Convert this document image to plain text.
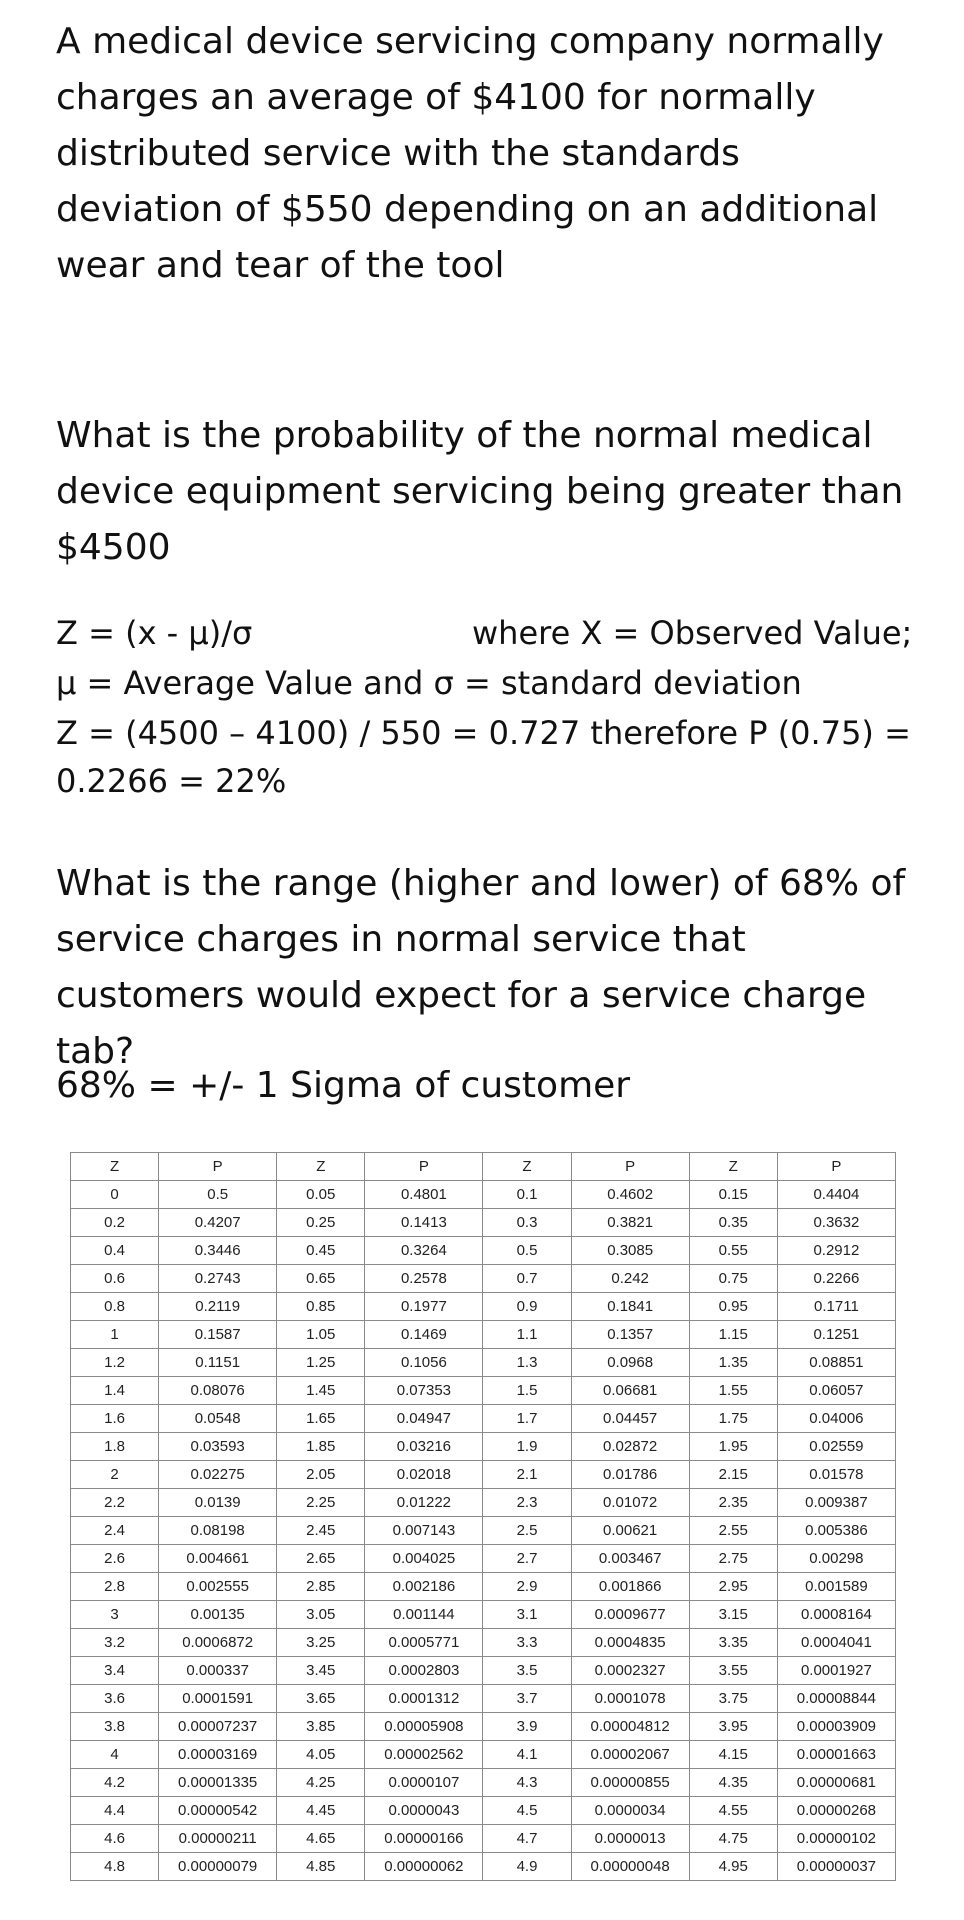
A medical device servicing company normally charges an average of $4100 for normally distributed service with the standards deviation of $550 depending on an additional wear and tear of the tool

What is the probability of the normal medical device equipment servicing being greater than $4500

Z = (x - μ)/σ	where X = Observed Value;

μ = Average Value and σ = standard deviation

Z = (4500 – 4100) / 550 = 0.727 therefore P (0.75) =

0.2266 = 22%

What is the range (higher and lower) of 68% of service charges in normal service that customers would expect for a service charge tab?

68% = +/- 1 Sigma of customer

Z	P	Z	P	Z	P	Z	P
0	0.5	0.05	0.4801	0.1	0.4602	0.15	0.4404
0.2	0.4207	0.25	0.1413	0.3	0.3821	0.35	0.3632
0.4	0.3446	0.45	0.3264	0.5	0.3085	0.55	0.2912
0.6	0.2743	0.65	0.2578	0.7	0.242	0.75	0.2266
0.8	0.2119	0.85	0.1977	0.9	0.1841	0.95	0.1711
1	0.1587	1.05	0.1469	1.1	0.1357	1.15	0.1251
1.2	0.1151	1.25	0.1056	1.3	0.0968	1.35	0.08851
1.4	0.08076	1.45	0.07353	1.5	0.06681	1.55	0.06057
1.6	0.0548	1.65	0.04947	1.7	0.04457	1.75	0.04006
1.8	0.03593	1.85	0.03216	1.9	0.02872	1.95	0.02559
2	0.02275	2.05	0.02018	2.1	0.01786	2.15	0.01578
2.2	0.0139	2.25	0.01222	2.3	0.01072	2.35	0.009387
2.4	0.08198	2.45	0.007143	2.5	0.00621	2.55	0.005386
2.6	0.004661	2.65	0.004025	2.7	0.003467	2.75	0.00298
2.8	0.002555	2.85	0.002186	2.9	0.001866	2.95	0.001589
3	0.00135	3.05	0.001144	3.1	0.0009677	3.15	0.0008164
3.2	0.0006872	3.25	0.0005771	3.3	0.0004835	3.35	0.0004041
3.4	0.000337	3.45	0.0002803	3.5	0.0002327	3.55	0.0001927
3.6	0.0001591	3.65	0.0001312	3.7	0.0001078	3.75	0.00008844
3.8	0.00007237	3.85	0.00005908	3.9	0.00004812	3.95	0.00003909
4	0.00003169	4.05	0.00002562	4.1	0.00002067	4.15	0.00001663
4.2	0.00001335	4.25	0.0000107	4.3	0.00000855	4.35	0.00000681
4.4	0.00000542	4.45	0.0000043	4.5	0.0000034	4.55	0.00000268
4.6	0.00000211	4.65	0.00000166	4.7	0.0000013	4.75	0.00000102
4.8	0.00000079	4.85	0.00000062	4.9	0.00000048	4.95	0.00000037
